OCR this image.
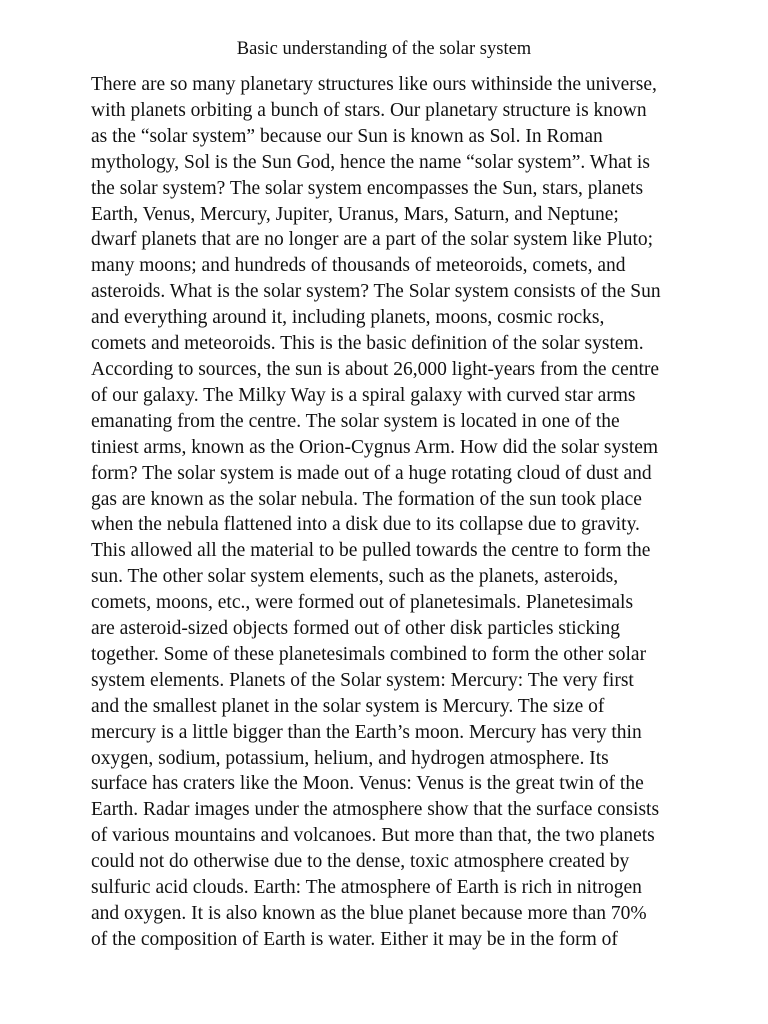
Basic understanding of the solar system
There are so many planetary structures like ours withinside the universe,
with planets orbiting a bunch of stars. Our planetary structure is known
as the “solar system” because our Sun is known as Sol. In Roman
mythology, Sol is the Sun God, hence the name “solar system”. What is
the solar system? The solar system encompasses the Sun, stars, planets
Earth, Venus, Mercury, Jupiter, Uranus, Mars, Saturn, and Neptune;
dwarf planets that are no longer are a part of the solar system like Pluto;
many moons; and hundreds of thousands of meteoroids, comets, and
asteroids. What is the solar system? The Solar system consists of the Sun
and everything around it, including planets, moons, cosmic rocks,
comets and meteoroids. This is the basic definition of the solar system.
According to sources, the sun is about 26,000 light-years from the centre
of our galaxy. The Milky Way is a spiral galaxy with curved star arms
emanating from the centre. The solar system is located in one of the
tiniest arms, known as the Orion-Cygnus Arm. How did the solar system
form? The solar system is made out of a huge rotating cloud of dust and
gas are known as the solar nebula. The formation of the sun took place
when the nebula flattened into a disk due to its collapse due to gravity.
This allowed all the material to be pulled towards the centre to form the
sun. The other solar system elements, such as the planets, asteroids,
comets, moons, etc., were formed out of planetesimals. Planetesimals
are asteroid-sized objects formed out of other disk particles sticking
together. Some of these planetesimals combined to form the other solar
system elements. Planets of the Solar system: Mercury: The very first
and the smallest planet in the solar system is Mercury. The size of
mercury is a little bigger than the Earth’s moon. Mercury has very thin
oxygen, sodium, potassium, helium, and hydrogen atmosphere. Its
surface has craters like the Moon. Venus: Venus is the great twin of the
Earth. Radar images under the atmosphere show that the surface consists
of various mountains and volcanoes. But more than that, the two planets
could not do otherwise due to the dense, toxic atmosphere created by
sulfuric acid clouds. Earth: The atmosphere of Earth is rich in nitrogen
and oxygen. It is also known as the blue planet because more than 70%
of the composition of Earth is water. Either it may be in the form of
